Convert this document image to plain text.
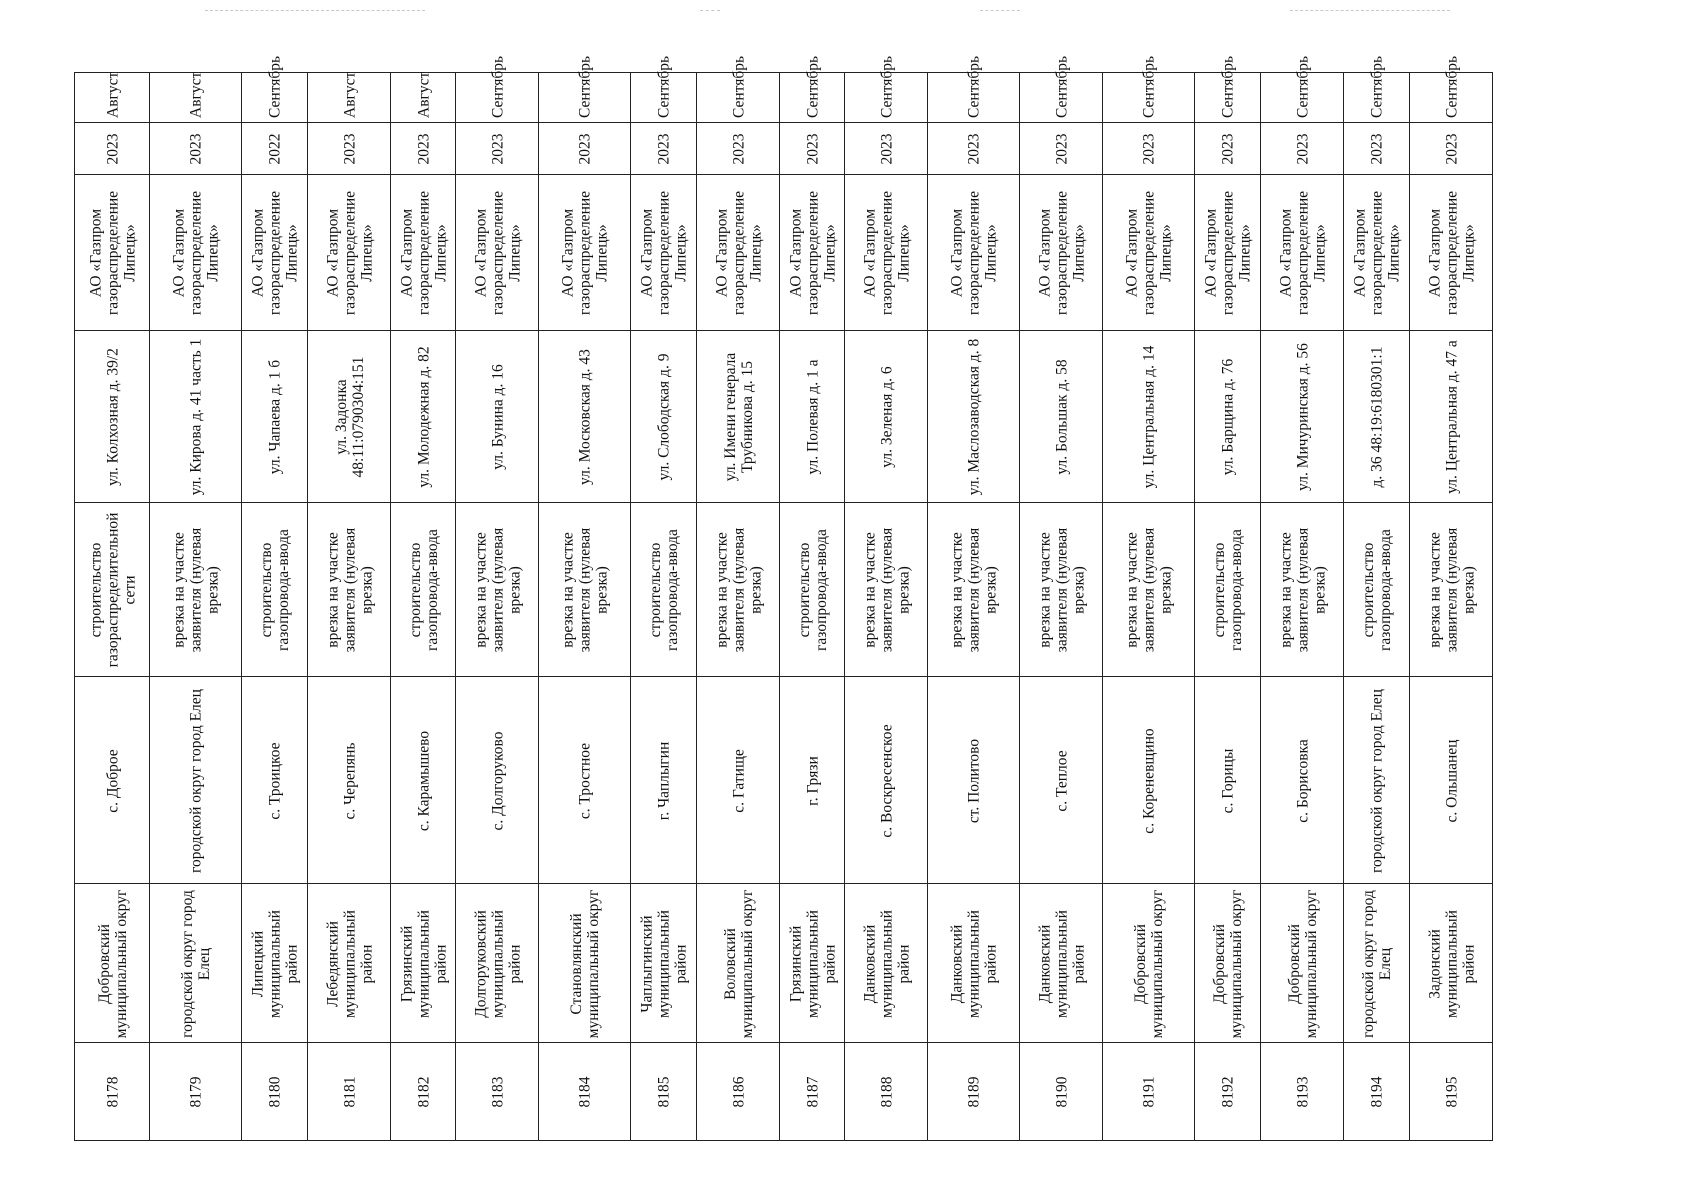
8178
Добровский муниципальный округ
с. Доброе
строительство газораспределительной сети
ул. Колхозная д. 39/2
АО «Газпром газораспределение Липецк»
2023
Август
8179
городской округ город Елец
городской округ город Елец
врезка на участке заявителя (нулевая врезка)
ул. Кирова д. 41 часть 1
АО «Газпром газораспределение Липецк»
2023
Август
8180
Липецкий муниципальный район
с. Троицкое
строительство газопровода-ввода
ул. Чапаева д. 1 б
АО «Газпром газораспределение Липецк»
2022
Сентябрь
8181
Лебедянский муниципальный район
с. Черепянь
врезка на участке заявителя (нулевая врезка)
ул. Задонка 48:11:0790304:151
АО «Газпром газораспределение Липецк»
2023
Август
8182
Грязинский муниципальный район
с. Карамышево
строительство газопровода-ввода
ул. Молодежная д. 82
АО «Газпром газораспределение Липецк»
2023
Август
8183
Долгоруковский муниципальный район
с. Долгоруково
врезка на участке заявителя (нулевая врезка)
ул. Бунина д. 16
АО «Газпром газораспределение Липецк»
2023
Сентябрь
8184
Становлянский муниципальный округ
с. Тростное
врезка на участке заявителя (нулевая врезка)
ул. Московская д. 43
АО «Газпром газораспределение Липецк»
2023
Сентябрь
8185
Чаплыгинский муниципальный район
г. Чаплыгин
строительство газопровода-ввода
ул. Слободская д. 9
АО «Газпром газораспределение Липецк»
2023
Сентябрь
8186
Воловский муниципальный округ
с. Гатище
врезка на участке заявителя (нулевая врезка)
ул. Имени генерала Трубникова д. 15
АО «Газпром газораспределение Липецк»
2023
Сентябрь
8187
Грязинский муниципальный район
г. Грязи
строительство газопровода-ввода
ул. Полевая д. 1 а
АО «Газпром газораспределение Липецк»
2023
Сентябрь
8188
Данковский муниципальный район
с. Воскресенское
врезка на участке заявителя (нулевая врезка)
ул. Зеленая д. 6
АО «Газпром газораспределение Липецк»
2023
Сентябрь
8189
Данковский муниципальный район
ст. Политово
врезка на участке заявителя (нулевая врезка)
ул. Маслозаводская д. 8
АО «Газпром газораспределение Липецк»
2023
Сентябрь
8190
Данковский муниципальный район
с. Теплое
врезка на участке заявителя (нулевая врезка)
ул. Большак д. 58
АО «Газпром газораспределение Липецк»
2023
Сентябрь
8191
Добровский муниципальный округ
с. Кореневщино
врезка на участке заявителя (нулевая врезка)
ул. Центральная д. 14
АО «Газпром газораспределение Липецк»
2023
Сентябрь
8192
Добровский муниципальный округ
с. Горицы
строительство газопровода-ввода
ул. Барщина д. 76
АО «Газпром газораспределение Липецк»
2023
Сентябрь
8193
Добровский муниципальный округ
с. Борисовка
врезка на участке заявителя (нулевая врезка)
ул. Мичуринская д. 56
АО «Газпром газораспределение Липецк»
2023
Сентябрь
8194
городской округ город Елец
городской округ город Елец
строительство газопровода-ввода
д. 36 48:19:6180301:1
АО «Газпром газораспределение Липецк»
2023
Сентябрь
8195
Задонский муниципальный район
с. Ольшанец
врезка на участке заявителя (нулевая врезка)
ул. Центральная д. 47 а
АО «Газпром газораспределение Липецк»
2023
Сентябрь
